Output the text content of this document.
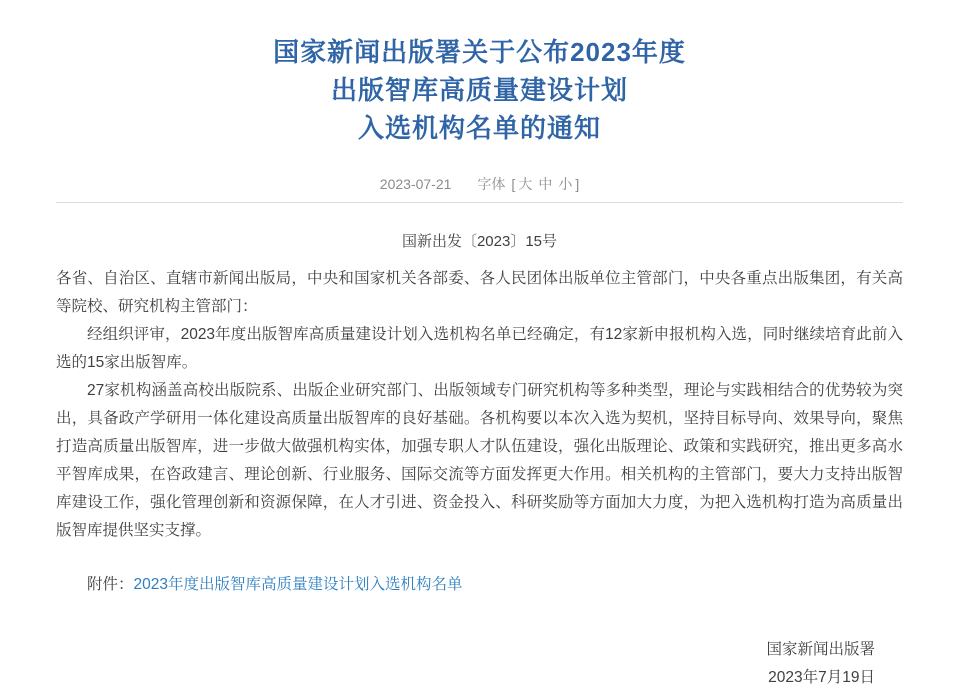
国家新闻出版署关于公布2023年度
出版智库高质量建设计划
入选机构名单的通知
2023-07-21 字体 [ 大 中 小 ]
国新出发〔2023〕15号

各省、自治区、直辖市新闻出版局，中央和国家机关各部委、各人民团体出版单位主管部门，中央各重点出版集团，有关高等院校、研究机构主管部门：

经组织评审，2023年度出版智库高质量建设计划入选机构名单已经确定，有12家新申报机构入选，同时继续培育此前入选的15家出版智库。

27家机构涵盖高校出版院系、出版企业研究部门、出版领域专门研究机构等多种类型，理论与实践相结合的优势较为突出，具备政产学研用一体化建设高质量出版智库的良好基础。各机构要以本次入选为契机，坚持目标导向、效果导向，聚焦打造高质量出版智库，进一步做大做强机构实体，加强专职人才队伍建设，强化出版理论、政策和实践研究，推出更多高水平智库成果，在咨政建言、理论创新、行业服务、国际交流等方面发挥更大作用。相关机构的主管部门，要大力支持出版智库建设工作，强化管理创新和资源保障，在人才引进、资金投入、科研奖励等方面加大力度，为把入选机构打造为高质量出版智库提供坚实支撑。

附件：2023年度出版智库高质量建设计划入选机构名单

国家新闻出版署

2023年7月19日
